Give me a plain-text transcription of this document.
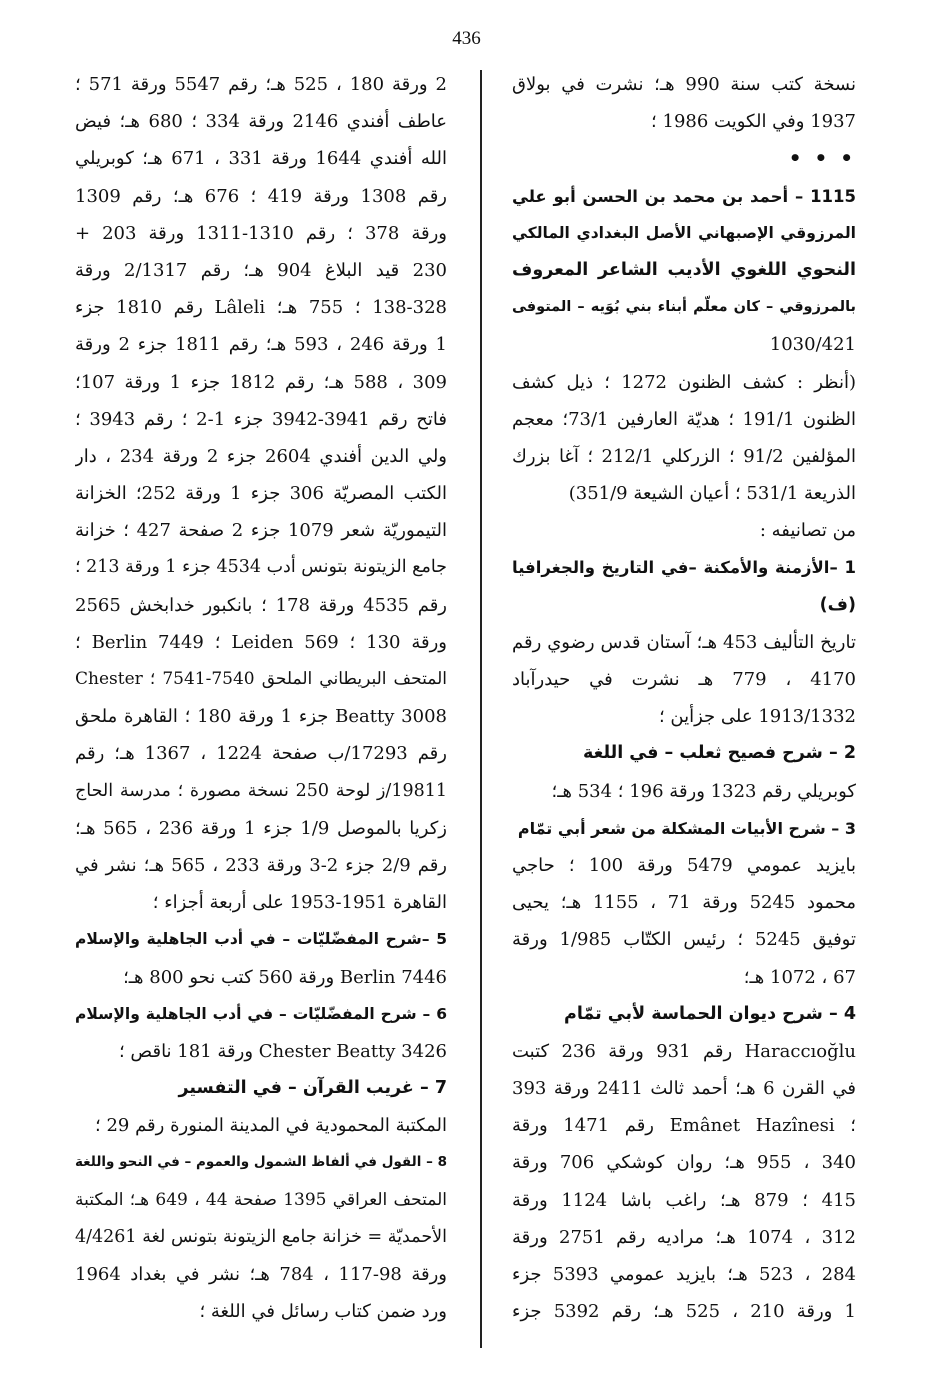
436
نسخة كتب سنة 990 هـ؛ نشرت في بولاق
1937 وفي الكويت 1986 ؛
• • •
1115 – أحمد بن محمد بن الحسن أبو علي
المرزوقي الإصبهاني الأصل البغدادي المالكي
النحوي اللغوي الأديب الشاعر المعروف
بالمرزوقي – كان معلّم أبناء بني بُوَيه – المتوفى
1030/421
(أنظر : كشف الظنون 1272 ؛ ذيل كشف
الظنون 191/1 ؛ هديّة العارفين 73/1؛ معجم
المؤلفين 91/2 ؛ الزركلي 212/1 ؛ آغا بزرك
الذريعة 531/1 ؛ أعيان الشيعة 351/9)
من تصانيفه :
1 –الأزمنة والأمكنة –في التاريخ والجغرافيا
(ف)
تاريخ التأليف 453 هـ؛ آستان قدس رضوي رقم
4170 ، 779 هـ نشرت في حيدرآباد
1913/1332 على جزأين ؛
2 – شرح فصيح ثعلب – في اللغة
كوبريلي رقم 1323 ورقة 196 ؛ 534 هـ؛
3 – شرح الأبيات المشكلة من شعر أبي تمّام
بايزيد عمومي 5479 ورقة 100 ؛ حاجي
محمود 5245 ورقة 71 ، 1155 هـ؛ يحيى
توفيق 5245 ؛ رئيس الكتّاب 1/985 ورقة
67 ، 1072 هـ؛
4 – شرح ديوان الحماسة لأبي تمّام
Haraccıoğlu رقم 931 ورقة 236 كتبت
في القرن 6 هـ؛ أحمد ثالث 2411 ورقة 393
؛ Emânet Hazînesi رقم 1471 ورقة
340 ، 955 هـ؛ روان كوشكي 706 ورقة
415 ؛ 879 هـ؛ راغب باشا 1124 ورقة
312 ، 1074 هـ؛ مراديه رقم 2751 ورقة
284 ، 523 هـ؛ بايزيد عمومي 5393 جزء
1 ورقة 210 ، 525 هـ؛ رقم 5392 جزء
2 ورقة 180 ، 525 هـ؛ رقم 5547 ورقة 571 ؛
عاطف أفندي 2146 ورقة 334 ؛ 680 هـ؛ فيض
الله أفندي 1644 ورقة 331 ، 671 هـ؛ كوبريلي
رقم 1308 ورقة 419 ؛ 676 هـ؛ رقم 1309
ورقة 378 ؛ رقم 1310-1311 ورقة 203 +
230 قيد البلاغ 904 هـ؛ رقم 2/1317 ورقة
138-328 ؛ 755 هـ؛ Lâleli رقم 1810 جزء
1 ورقة 246 ، 593 هـ؛ رقم 1811 جزء 2 ورقة
309 ، 588 هـ؛ رقم 1812 جزء 1 ورقة 107؛
فاتح رقم 3941-3942 جزء 1-2 ؛ رقم 3943 ؛
ولي الدين أفندي 2604 جزء 2 ورقة 234 ، دار
الكتب المصريّة 306 جزء 1 ورقة 252؛ الخزانة
التيموريّة شعر 1079 جزء 2 صفحة 427 ؛ خزانة
جامع الزيتونة بتونس أدب 4534 جزء 1 ورقة 213 ؛
رقم 4535 ورقة 178 ؛ بانكبور خدابخش 2565
ورقة 130 ؛ Leiden 569 ؛ Berlin 7449 ؛
المتحف البريطاني الملحق 7540-7541 ؛ Chester
Beatty 3008 جزء 1 ورقة 180 ؛ القاهرة ملحق
رقم 17293/ب صفحة 1224 ، 1367 هـ؛ رقم
19811/ز لوحة 250 نسخة مصورة ؛ مدرسة الحاج
زكريا بالموصل 1/9 جزء 1 ورقة 236 ، 565 هـ؛
رقم 2/9 جزء 2-3 ورقة 233 ، 565 هـ؛ نشر في
القاهرة 1951-1953 على أربعة أجزاء ؛
5 –شرح المفضّليّات – في أدب الجاهلية والإسلام
Berlin 7446 ورقة 560 كتب نحو 800 هـ؛
6 – شرح المفضّليّات – في أدب الجاهلية والإسلام
Chester Beatty 3426 ورقة 181 ناقص ؛
7 – غريب القرآن – في التفسير
المكتبة المحمودية في المدينة المنورة رقم 29 ؛
8 – القول في ألفاظ الشمول والعموم – في النحو واللغة
المتحف العراقي 1395 صفحة 44 ، 649 هـ؛ المكتبة
الأحمديّة = خزانة جامع الزيتونة بتونس لغة 4/4261
ورقة 98-117 ، 784 هـ؛ نشر في بغداد 1964
ورد ضمن كتاب رسائل في اللغة ؛
